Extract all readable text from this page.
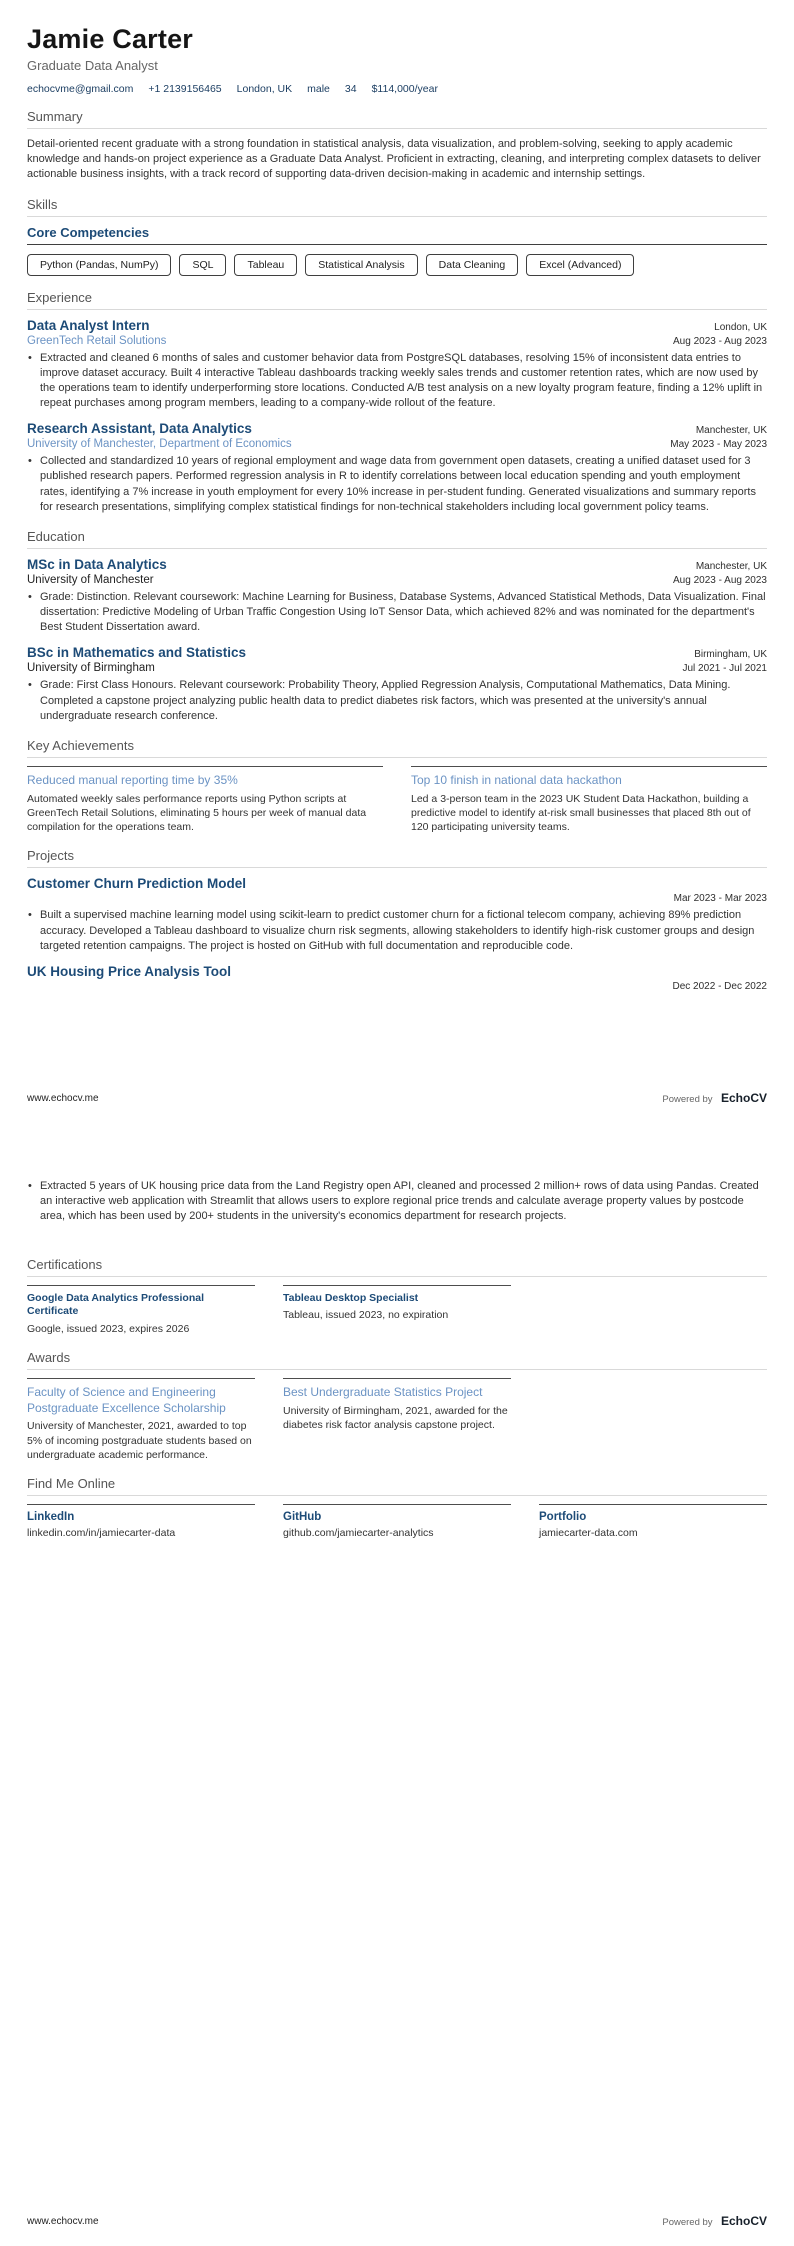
Jamie Carter
Graduate Data Analyst
echocvme@gmail.com +1 2139156465 London, UK male 34 $114,000/year
Summary

Detail-oriented recent graduate with a strong foundation in statistical analysis, data visualization, and problem-solving, seeking to apply academic knowledge and hands-on project experience as a Graduate Data Analyst. Proficient in extracting, cleaning, and interpreting complex datasets to deliver actionable business insights, with a track record of supporting data-driven decision-making in academic and internship settings.

Skills
Core Competencies
Python (Pandas, NumPy)	SQL	Tableau	Statistical Analysis	Data Cleaning	Excel (Advanced)
Experience
Data Analyst Intern	London, UK
GreenTech Retail Solutions	Aug 2023 - Aug 2023
• Extracted and cleaned 6 months of sales and customer behavior data from PostgreSQL databases, resolving 15% of inconsistent data entries to improve dataset accuracy. Built 4 interactive Tableau dashboards tracking weekly sales trends and customer retention rates, which are now used by the operations team to identify underperforming store locations. Conducted A/B test analysis on a new loyalty program feature, finding a 12% uplift in repeat purchases among program members, leading to a company-wide rollout of the feature.
Research Assistant, Data Analytics	Manchester, UK
University of Manchester, Department of Economics	May 2023 - May 2023
• Collected and standardized 10 years of regional employment and wage data from government open datasets, creating a unified dataset used for 3 published research papers. Performed regression analysis in R to identify correlations between local education spending and youth employment rates, identifying a 7% increase in youth employment for every 10% increase in per-student funding. Generated visualizations and summary reports for research presentations, simplifying complex statistical findings for non-technical stakeholders including local government policy teams.
Education
MSc in Data Analytics	Manchester, UK
University of Manchester	Aug 2023 - Aug 2023
• Grade: Distinction. Relevant coursework: Machine Learning for Business, Database Systems, Advanced Statistical Methods, Data Visualization. Final dissertation: Predictive Modeling of Urban Traffic Congestion Using IoT Sensor Data, which achieved 82% and was nominated for the department's Best Student Dissertation award.
BSc in Mathematics and Statistics	Birmingham, UK
University of Birmingham	Jul 2021 - Jul 2021
• Grade: First Class Honours. Relevant coursework: Probability Theory, Applied Regression Analysis, Computational Mathematics, Data Mining. Completed a capstone project analyzing public health data to predict diabetes risk factors, which was presented at the university's annual undergraduate research conference.
Key Achievements
Reduced manual reporting time by 35%
Automated weekly sales performance reports using Python scripts at GreenTech Retail Solutions, eliminating 5 hours per week of manual data compilation for the operations team.
Top 10 finish in national data hackathon
Led a 3-person team in the 2023 UK Student Data Hackathon, building a predictive model to identify at-risk small businesses that placed 8th out of 120 participating university teams.
Projects
Customer Churn Prediction Model
Mar 2023 - Mar 2023
• Built a supervised machine learning model using scikit-learn to predict customer churn for a fictional telecom company, achieving 89% prediction accuracy. Developed a Tableau dashboard to visualize churn risk segments, allowing stakeholders to identify high-risk customer groups and design targeted retention campaigns. The project is hosted on GitHub with full documentation and reproducible code.
UK Housing Price Analysis Tool
Dec 2022 - Dec 2022
www.echocv.me	Powered by EchoCV
• Extracted 5 years of UK housing price data from the Land Registry open API, cleaned and processed 2 million+ rows of data using Pandas. Created an interactive web application with Streamlit that allows users to explore regional price trends and calculate average property values by postcode area, which has been used by 200+ students in the university's economics department for research projects.
Certifications
Google Data Analytics Professional Certificate
Google, issued 2023, expires 2026
Tableau Desktop Specialist
Tableau, issued 2023, no expiration
Awards
Faculty of Science and Engineering Postgraduate Excellence Scholarship
University of Manchester, 2021, awarded to top 5% of incoming postgraduate students based on undergraduate academic performance.
Best Undergraduate Statistics Project
University of Birmingham, 2021, awarded for the diabetes risk factor analysis capstone project.
Find Me Online
LinkedIn
linkedin.com/in/jamiecarter-data
GitHub
github.com/jamiecarter-analytics
Portfolio
jamiecarter-data.com
www.echocv.me	Powered by EchoCV
